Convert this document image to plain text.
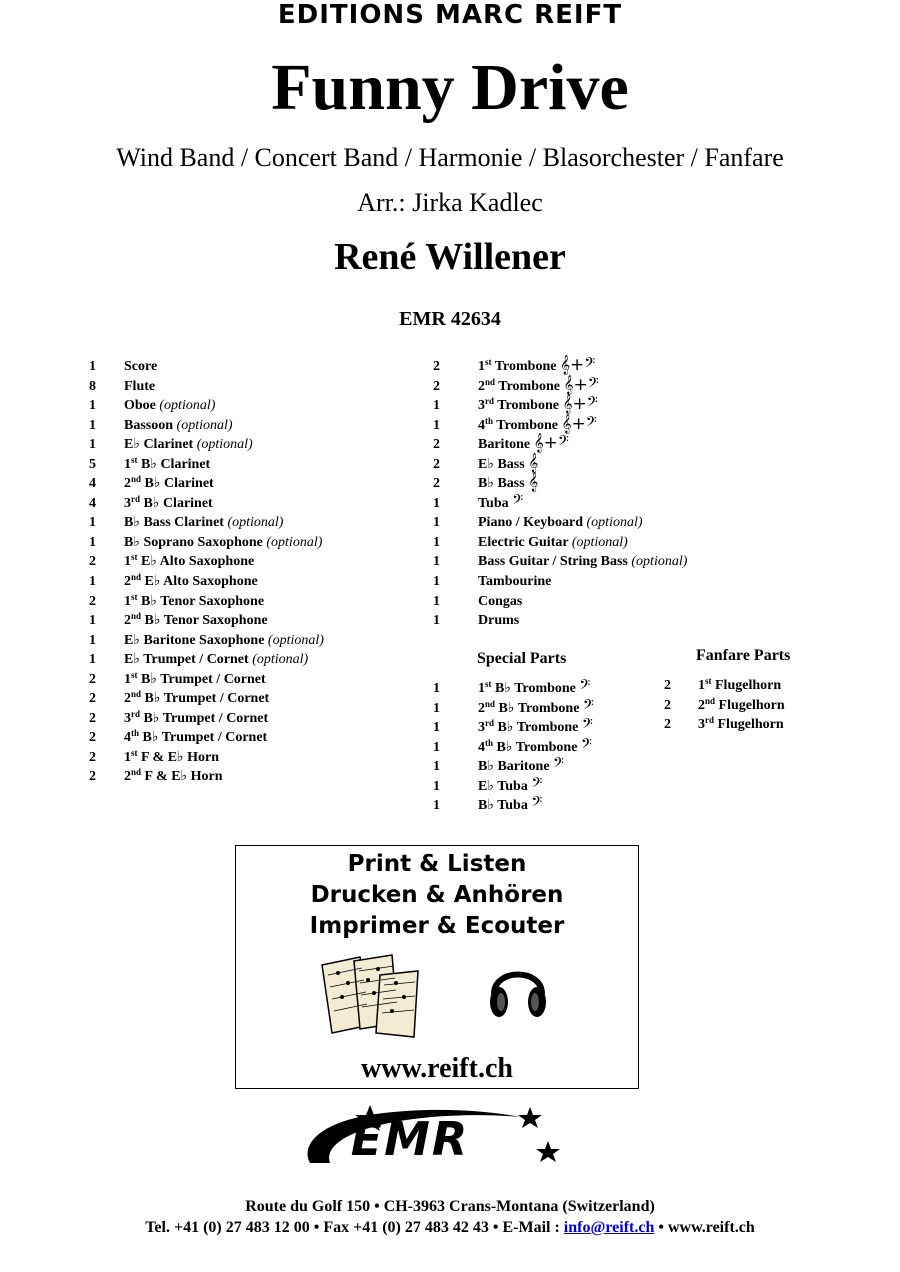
Funny Drive
Wind Band / Concert Band / Harmonie / Blasorchester / Fanfare
Arr.: Jirka Kadlec
René Willener
EMR 42634
1 Score
8 Flute
1 Oboe (optional)
1 Bassoon (optional)
1 E♭ Clarinet (optional)
5 1st B♭ Clarinet
4 2nd B♭ Clarinet
4 3rd B♭ Clarinet
1 B♭ Bass Clarinet (optional)
1 B♭ Soprano Saxophone (optional)
2 1st E♭ Alto Saxophone
1 2nd E♭ Alto Saxophone
2 1st B♭ Tenor Saxophone
1 2nd B♭ Tenor Saxophone
1 E♭ Baritone Saxophone (optional)
1 E♭ Trumpet / Cornet (optional)
2 1st B♭ Trumpet / Cornet
2 2nd B♭ Trumpet / Cornet
2 3rd B♭ Trumpet / Cornet
2 4th B♭ Trumpet / Cornet
2 1st F & E♭ Horn
2 2nd F & E♭ Horn
2	1st Trombone 𝄞+𝄢
2	2nd Trombone 𝄞+𝄢
1	3rd Trombone 𝄞+𝄢
1	4th Trombone 𝄞+𝄢
2	Baritone 𝄞+𝄢
2	E♭ Bass 𝄞
2	B♭ Bass 𝄞
1	Tuba 𝄢
1	Piano / Keyboard (optional)
1	Electric Guitar (optional)
1	Bass Guitar / String Bass (optional)
1	Tambourine
1	Congas
1	Drums
Special Parts
1	1st B♭ Trombone 𝄢
1	2nd B♭ Trombone 𝄢
1	3rd B♭ Trombone 𝄢
1	4th B♭ Trombone 𝄢
1	B♭ Baritone 𝄢
1	E♭ Tuba 𝄢
1	B♭ Tuba 𝄢
Fanfare Parts
2 1st Flugelhorn
2 2nd Flugelhorn
2 3rd Flugelhorn
Print & Listen
Drucken & Anhören
Imprimer & Ecouter
www.reift.ch
EMR
EDITIONS MARC REIFT
Route du Golf 150 • CH-3963 Crans-Montana (Switzerland)
Tel. +41 (0) 27 483 12 00 • Fax +41 (0) 27 483 42 43 • E-Mail : info@reift.ch • www.reift.ch
